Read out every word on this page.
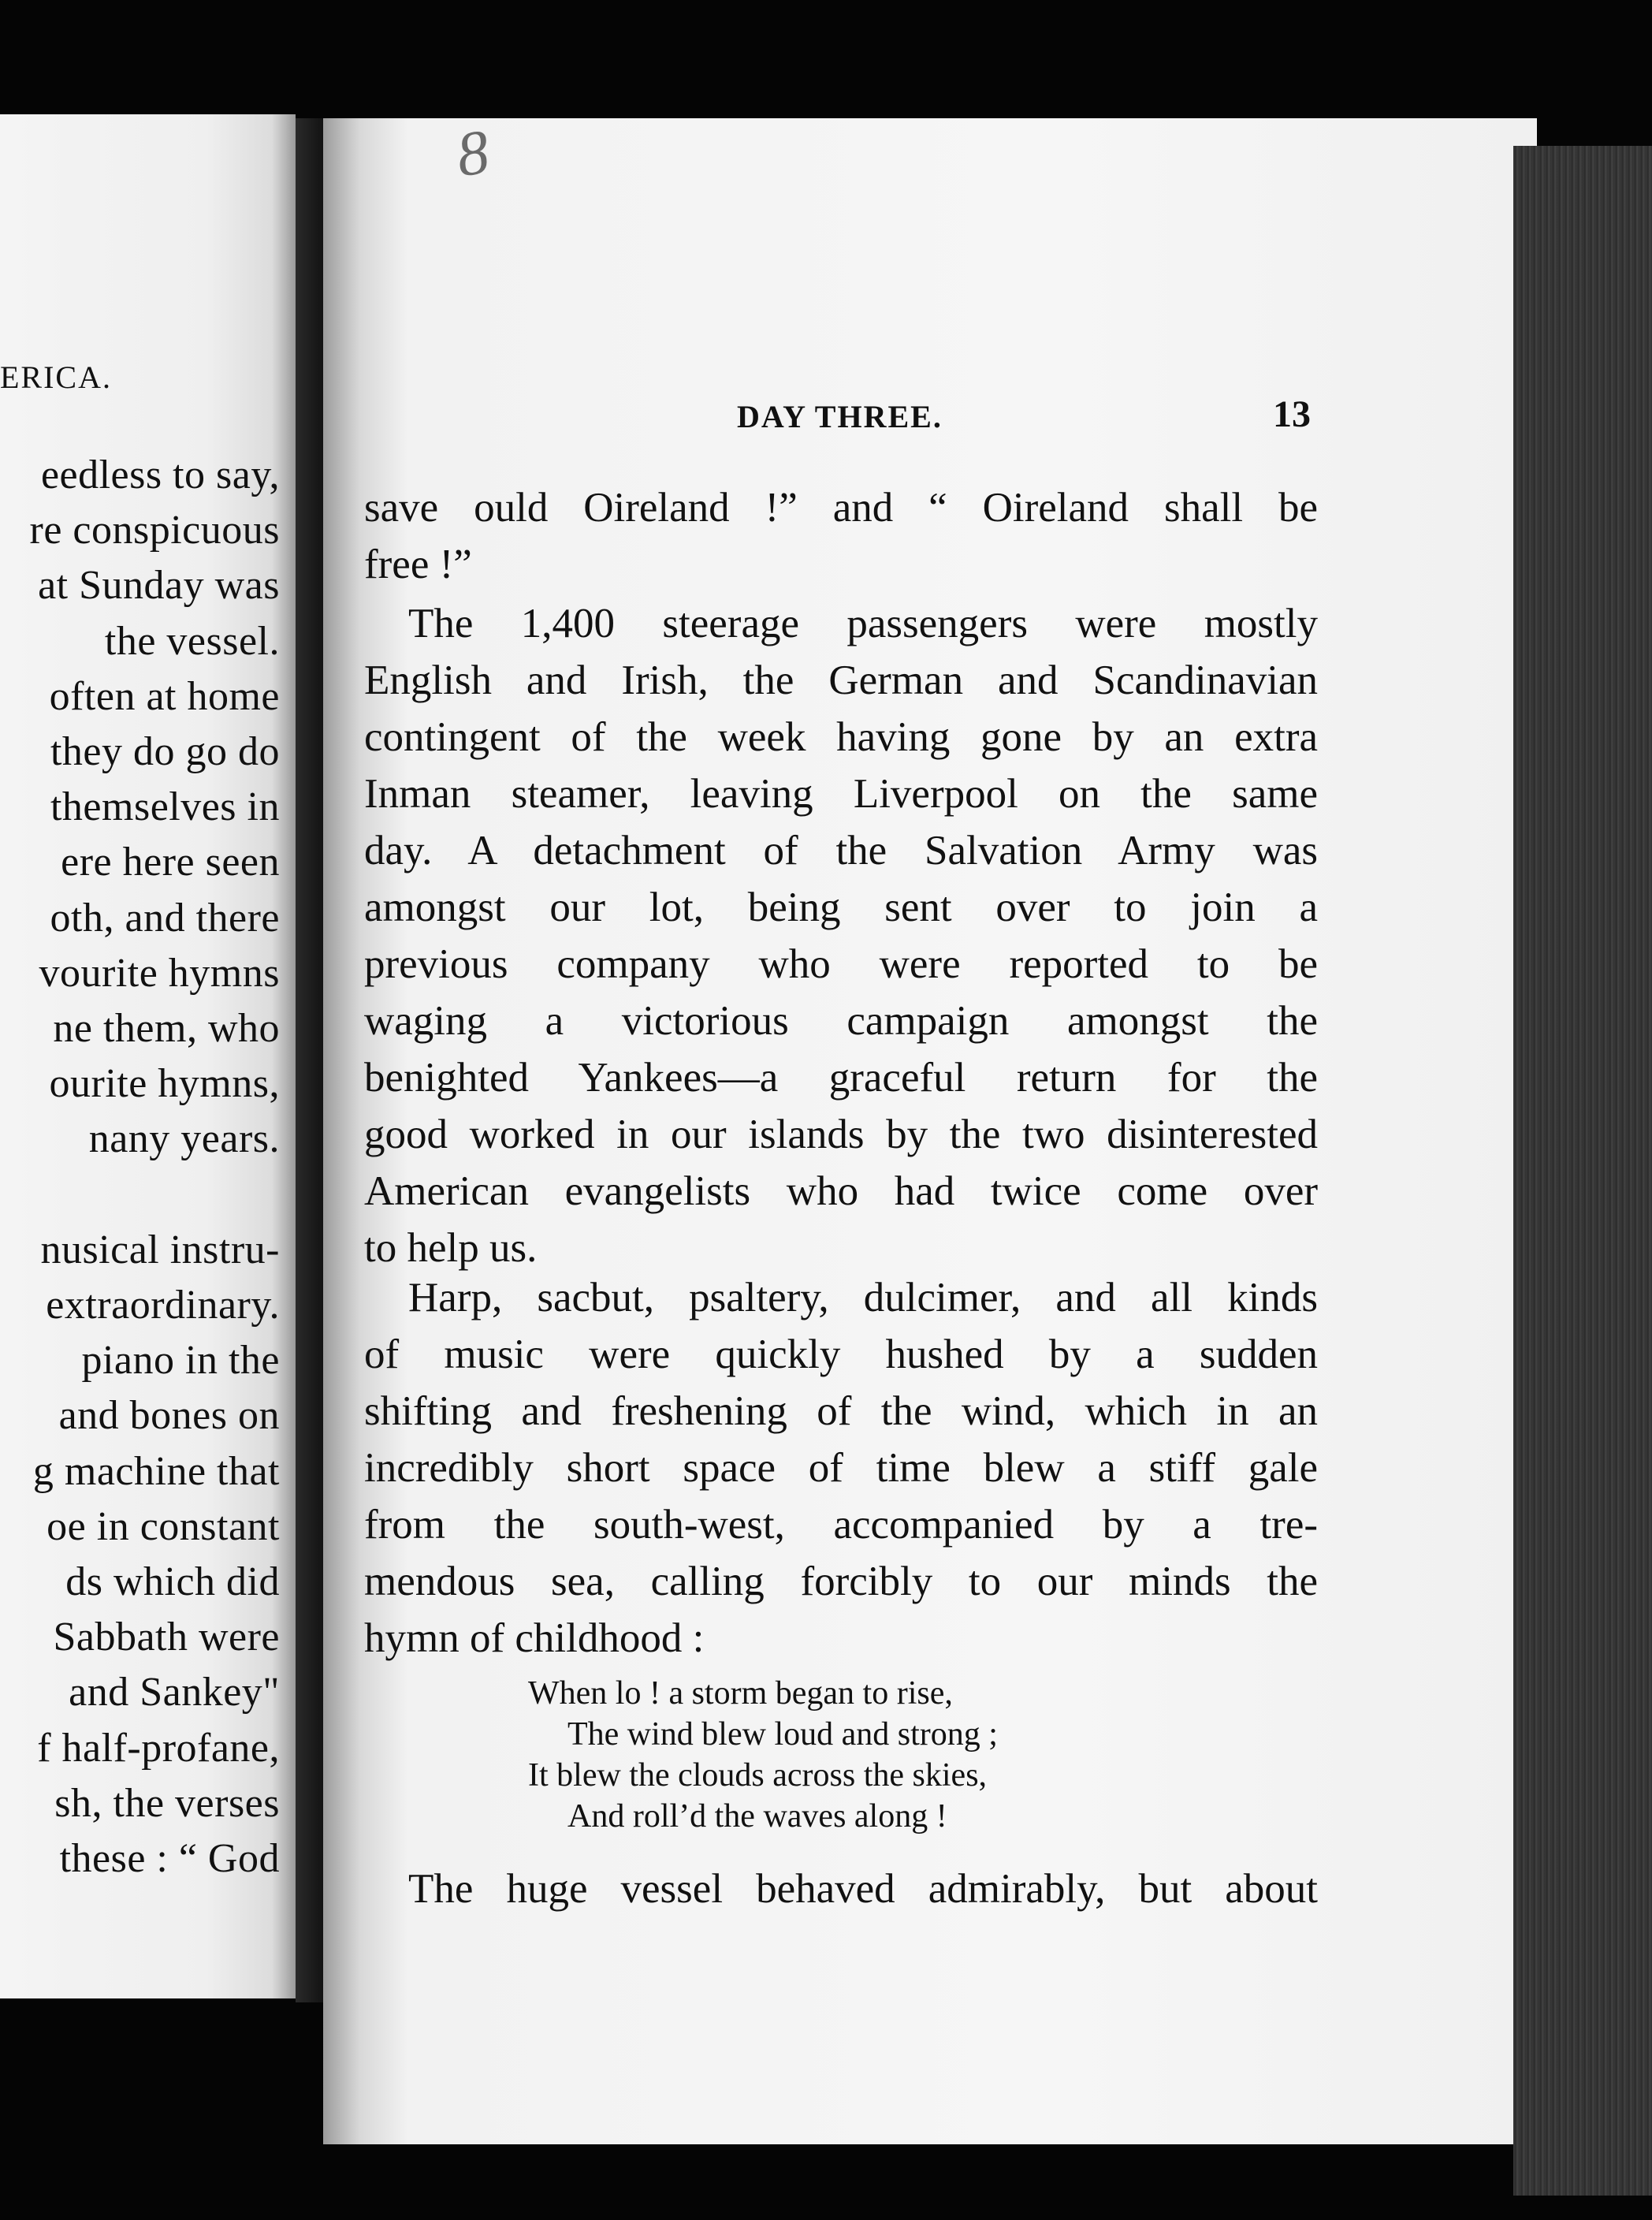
ERICA.
eedless to say,
re conspicuous
at Sunday was
the vessel.
often at home
they do go do
themselves in
ere here seen
oth, and there
vourite hymns
ne them, who
ourite hymns,
nany years.
nusical instru-
extraordinary.
piano in the
and bones on
g machine that
oe in constant
ds which did
Sabbath were
and Sankey"
f half-profane,
sh, the verses
these : “ God
8
DAY THREE.	13
save ould Oireland !” and “ Oireland shall be
free !”
The 1,400 steerage passengers were mostly
English and Irish, the German and Scandinavian
contingent of the week having gone by an extra
Inman steamer, leaving Liverpool on the same
day. A detachment of the Salvation Army was
amongst our lot, being sent over to join a
previous company who were reported to be
waging a victorious campaign amongst the
benighted Yankees—a graceful return for the
good worked in our islands by the two disinterested
American evangelists who had twice come over
to help us.
Harp, sacbut, psaltery, dulcimer, and all kinds
of music were quickly hushed by a sudden
shifting and freshening of the wind, which in an
incredibly short space of time blew a stiff gale
from the south-west, accompanied by a tre-
mendous sea, calling forcibly to our minds the
hymn of childhood :
When lo ! a storm began to rise,
The wind blew loud and strong ;
It blew the clouds across the skies,
And roll’d the waves along !
The huge vessel behaved admirably, but about
